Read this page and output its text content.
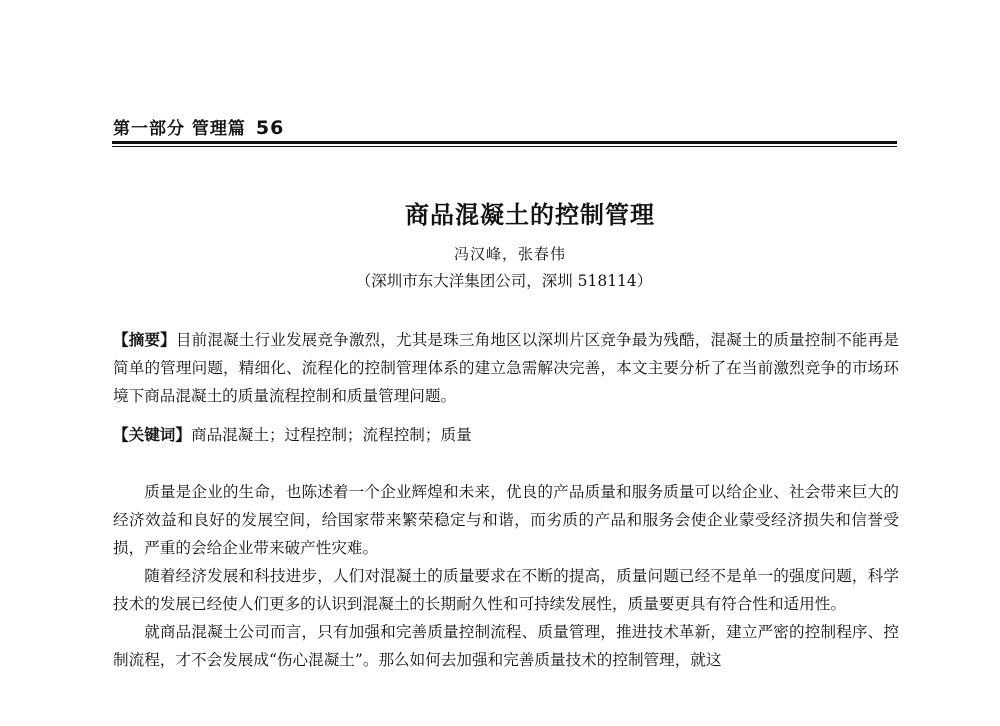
第一部分 管理篇 56
商品混凝土的控制管理
冯汉峰，张春伟
（深圳市东大洋集团公司，深圳 518114）
【摘要】目前混凝土行业发展竞争激烈，尤其是珠三角地区以深圳片区竞争最为残酷，混凝土的质量控制不能再是简单的管理问题，精细化、流程化的控制管理体系的建立急需解决完善，本文主要分析了在当前激烈竞争的市场环境下商品混凝土的质量流程控制和质量管理问题。
【关键词】商品混凝土；过程控制；流程控制；质量

质量是企业的生命，也陈述着一个企业辉煌和未来，优良的产品质量和服务质量可以给企业、社会带来巨大的经济效益和良好的发展空间，给国家带来繁荣稳定与和谐，而劣质的产品和服务会使企业蒙受经济损失和信誉受损，严重的会给企业带来破产性灾难。

随着经济发展和科技进步，人们对混凝土的质量要求在不断的提高，质量问题已经不是单一的强度问题，科学技术的发展已经使人们更多的认识到混凝土的长期耐久性和可持续发展性，质量要更具有符合性和适用性。

就商品混凝土公司而言，只有加强和完善质量控制流程、质量管理，推进技术革新，建立严密的控制程序、控制流程，才不会发展成“伤心混凝土”。那么如何去加强和完善质量技术的控制管理，就这
